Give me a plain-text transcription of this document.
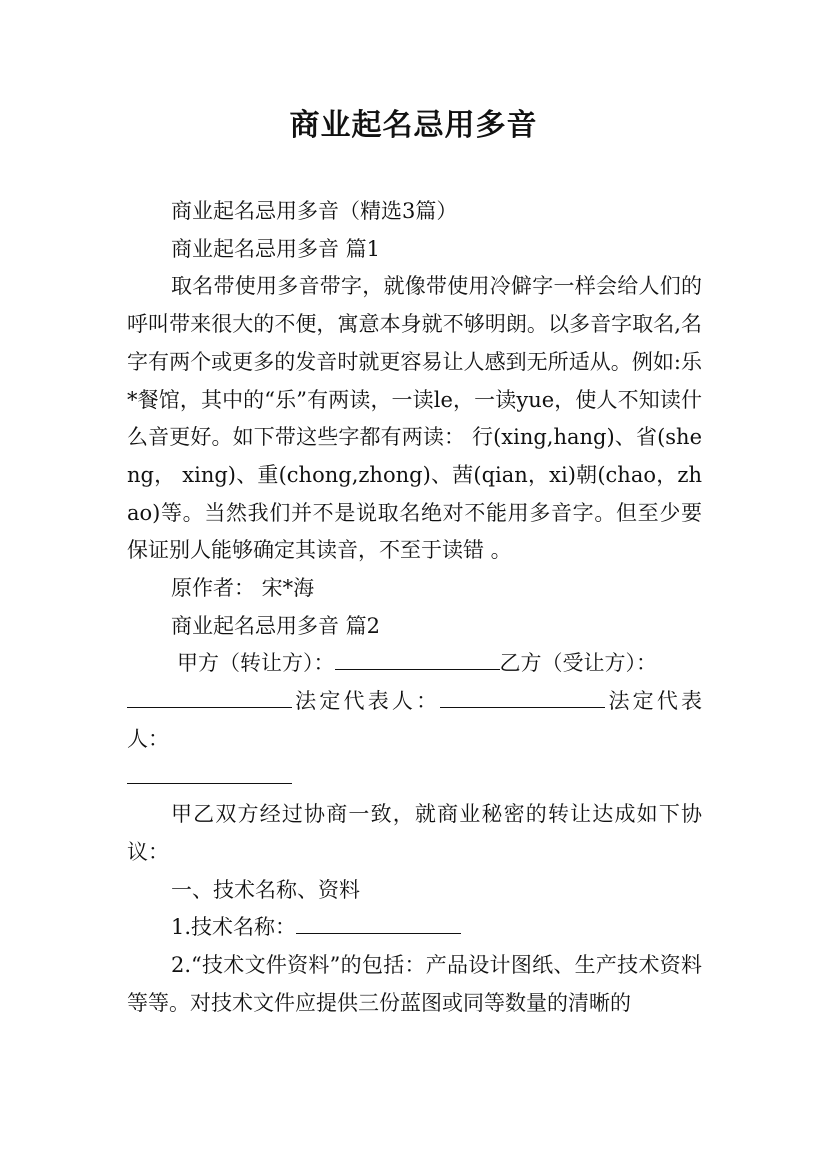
商业起名忌用多音

商业起名忌用多音（精选3篇）

商业起名忌用多音 篇1

取名带使用多音带字，就像带使用冷僻字一样会给人们的呼叫带来很大的不便，寓意本身就不够明朗。以多音字取名,名字有两个或更多的发音时就更容易让人感到无所适从。例如:乐*餐馆，其中的“乐”有两读，一读le，一读yue，使人不知读什么音更好。如下带这些字都有两读： 行(xing,hang)、省(sheng， xing)、重(chong,zhong)、茜(qian，xi)朝(chao，zhao)等。当然我们并不是说取名绝对不能用多音字。但至少要保证别人能够确定其读音，不至于读错 。

原作者： 宋*海

商业起名忌用多音 篇2

甲方（转让方）：	乙方（受让方）：

法定代表人：	法定代表人：

甲乙双方经过协商一致，就商业秘密的转让达成如下协议：

一、技术名称、资料

1.技术名称：

2.“技术文件资料”的包括：产品设计图纸、生产技术资料等等。对技术文件应提供三份蓝图或同等数量的清晰的
